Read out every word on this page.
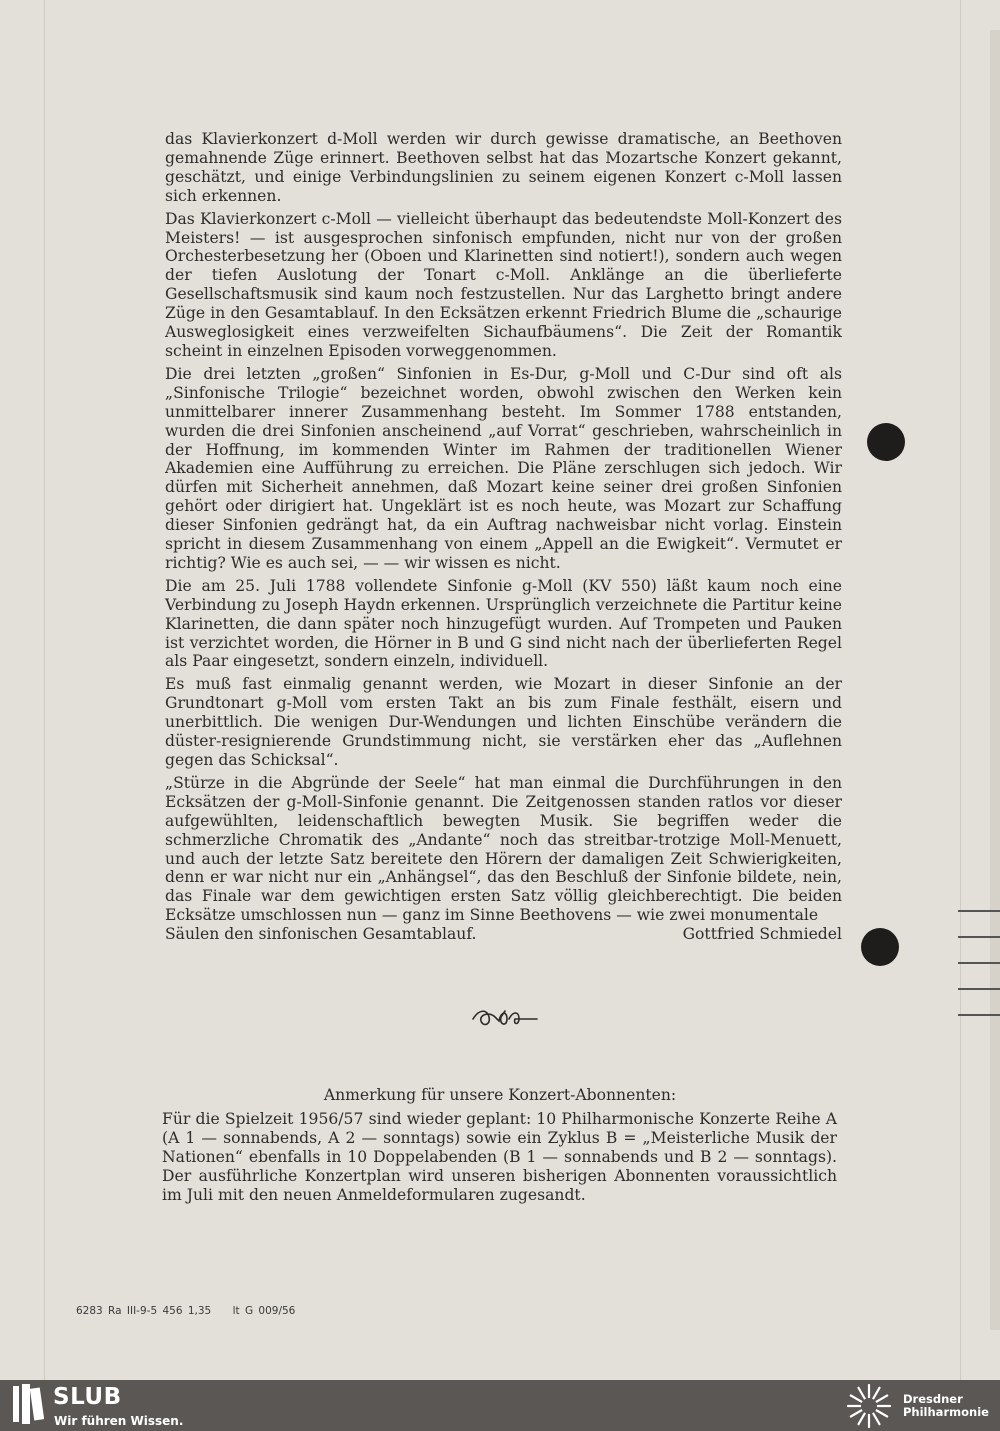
das Klavierkonzert d-Moll werden wir durch gewisse dramatische, an Beethoven gemahnende Züge erinnert. Beethoven selbst hat das Mozartsche Konzert gekannt, geschätzt, und einige Verbindungslinien zu seinem eigenen Konzert c-Moll lassen sich erkennen.

Das Klavierkonzert c-Moll — vielleicht überhaupt das bedeutendste Moll-Konzert des Meisters! — ist ausgesprochen sinfonisch empfunden, nicht nur von der großen Orchesterbesetzung her (Oboen und Klarinetten sind notiert!), sondern auch wegen der tiefen Auslotung der Tonart c-Moll. Anklänge an die überlieferte Gesellschaftsmusik sind kaum noch festzustellen. Nur das Larghetto bringt andere Züge in den Gesamtablauf. In den Ecksätzen erkennt Friedrich Blume die „schaurige Ausweglosigkeit eines verzweifelten Sichaufbäumens“. Die Zeit der Romantik scheint in einzelnen Episoden vorweggenommen.

Die drei letzten „großen“ Sinfonien in Es-Dur, g-Moll und C-Dur sind oft als „Sinfonische Trilogie“ bezeichnet worden, obwohl zwischen den Werken kein unmittelbarer innerer Zusammenhang besteht. Im Sommer 1788 entstanden, wurden die drei Sinfonien anscheinend „auf Vorrat“ geschrieben, wahrscheinlich in der Hoffnung, im kommenden Winter im Rahmen der traditionellen Wiener Akademien eine Aufführung zu erreichen. Die Pläne zerschlugen sich jedoch. Wir dürfen mit Sicherheit annehmen, daß Mozart keine seiner drei großen Sinfonien gehört oder dirigiert hat. Ungeklärt ist es noch heute, was Mozart zur Schaffung dieser Sinfonien gedrängt hat, da ein Auftrag nachweisbar nicht vorlag. Einstein spricht in diesem Zusammenhang von einem „Appell an die Ewigkeit“. Vermutet er richtig? Wie es auch sei, — — wir wissen es nicht.

Die am 25. Juli 1788 vollendete Sinfonie g-Moll (KV 550) läßt kaum noch eine Verbindung zu Joseph Haydn erkennen. Ursprünglich verzeichnete die Partitur keine Klarinetten, die dann später noch hinzugefügt wurden. Auf Trompeten und Pauken ist verzichtet worden, die Hörner in B und G sind nicht nach der überlieferten Regel als Paar eingesetzt, sondern einzeln, individuell.

Es muß fast einmalig genannt werden, wie Mozart in dieser Sinfonie an der Grundtonart g-Moll vom ersten Takt an bis zum Finale festhält, eisern und unerbittlich. Die wenigen Dur-Wendungen und lichten Einschübe verändern die düster-resignierende Grundstimmung nicht, sie verstärken eher das „Auflehnen gegen das Schicksal“.

„Stürze in die Abgründe der Seele“ hat man einmal die Durchführungen in den Ecksätzen der g-Moll-Sinfonie genannt. Die Zeitgenossen standen ratlos vor dieser aufgewühlten, leidenschaftlich bewegten Musik. Sie begriffen weder die schmerzliche Chromatik des „Andante“ noch das streitbar-trotzige Moll-Menuett, und auch der letzte Satz bereitete den Hörern der damaligen Zeit Schwierigkeiten, denn er war nicht nur ein „Anhängsel“, das den Beschluß der Sinfonie bildete, nein, das Finale war dem gewichtigen ersten Satz völlig gleichberechtigt. Die beiden Ecksätze umschlossen nun — ganz im Sinne Beethovens — wie zwei monumentale

Säulen den sinfonischen Gesamtablauf.	Gottfried Schmiedel

Anmerkung für unsere Konzert-Abonnenten:

Für die Spielzeit 1956/57 sind wieder geplant: 10 Philharmonische Konzerte Reihe A (A 1 — sonnabends, A 2 — sonntags) sowie ein Zyklus B = „Meisterliche Musik der Nationen“ ebenfalls in 10 Doppelabenden (B 1 — sonnabends und B 2 — sonntags). Der ausführliche Konzertplan wird unseren bisherigen Abonnenten voraussichtlich im Juli mit den neuen Anmeldeformularen zugesandt.

6283 Ra III-9-5 456 1,35    lt G 009/56
SLUB
Wir führen Wissen.
Dresdner
Philharmonie
